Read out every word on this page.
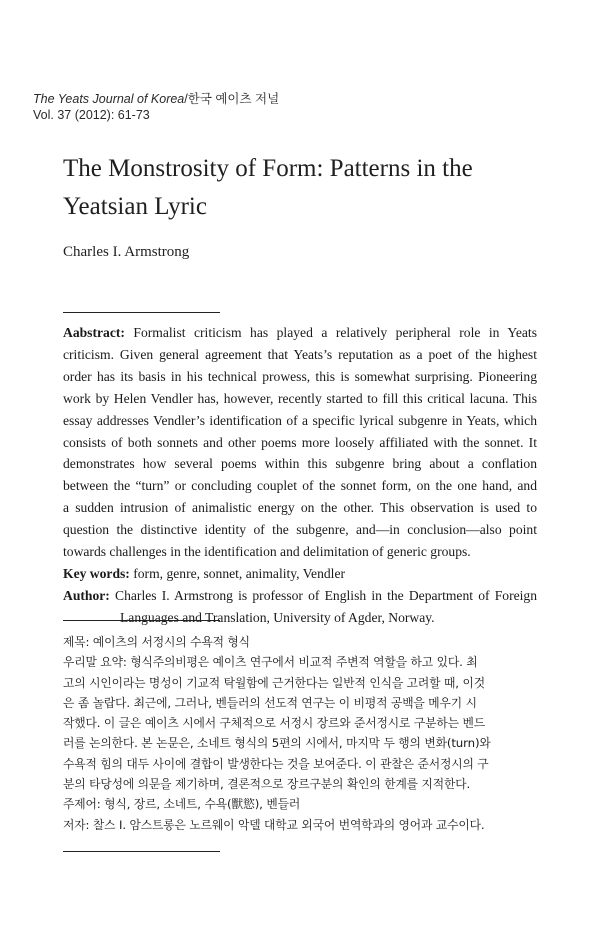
The Yeats Journal of Korea/한국 예이츠 저널
Vol. 37 (2012): 61-73
The Monstrosity of Form: Patterns in the
Yeatsian Lyric
Charles I. Armstrong

Aabstract: Formalist criticism has played a relatively peripheral role in Yeats

criticism. Given general agreement that Yeats’s reputation as a poet of the highest

order has its basis in his technical prowess, this is somewhat surprising. Pioneering

work by Helen Vendler has, however, recently started to fill this critical lacuna. This

essay addresses Vendler’s identification of a specific lyrical subgenre in Yeats, which

consists of both sonnets and other poems more loosely affiliated with the sonnet. It

demonstrates how several poems within this subgenre bring about a conflation

between the “turn” or concluding couplet of the sonnet form, on the one hand, and

a sudden intrusion of animalistic energy on the other. This observation is used to

question the distinctive identity of the subgenre, and—in conclusion—also point

towards challenges in the identification and delimitation of generic groups.

Key words: form, genre, sonnet, animality, Vendler

Author: Charles I. Armstrong is professor of English in the Department of Foreign

Languages and Translation, University of Agder, Norway.

제목: 예이츠의 서정시의 수욕적 형식

우리말 요약: 형식주의비평은 예이츠 연구에서 비교적 주변적 역할을 하고 있다. 최

고의 시인이라는 명성이 기교적 탁월함에 근거한다는 일반적 인식을 고려할 때, 이것

은 좀 놀랍다. 최근에, 그러나, 벤들러의 선도적 연구는 이 비평적 공백을 메우기 시

작했다. 이 글은 예이츠 시에서 구체적으로 서정시 장르와 준서정시로 구분하는 벤드

러를 논의한다. 본 논문은, 소네트 형식의 5편의 시에서, 마지막 두 행의 변화(turn)와

수욕적 힘의 대두 사이에 결합이 발생한다는 것을 보여준다. 이 관찰은 준서정시의 구

분의 타당성에 의문을 제기하며, 결론적으로 장르구분의 확인의 한계를 지적한다.

주제어: 형식, 장르, 소네트, 수욕(獸慾), 벤들러

저자: 찰스 I. 암스트롱은 노르웨이 악델 대학교 외국어 번역학과의 영어과 교수이다.
